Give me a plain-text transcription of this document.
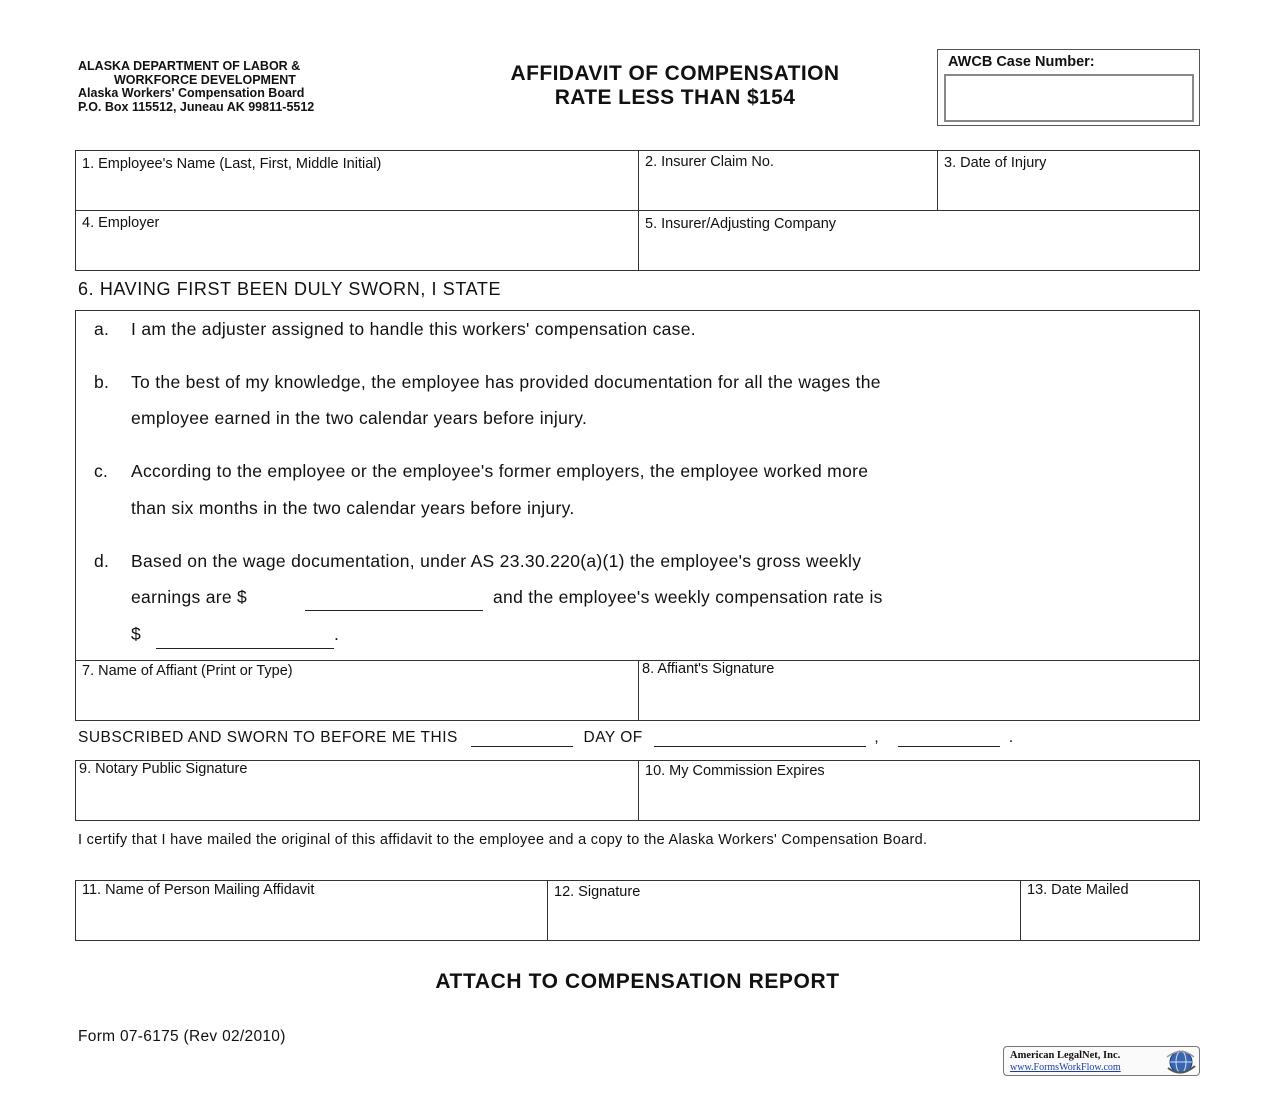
ALASKA DEPARTMENT OF LABOR &
WORKFORCE DEVELOPMENT
Alaska Workers' Compensation Board
P.O. Box 115512, Juneau AK 99811-5512
AFFIDAVIT OF COMPENSATION
RATE LESS THAN $154
AWCB Case Number:
1. Employee's Name (Last, First, Middle Initial)	2. Insurer Claim No.	3. Date of Injury
4. Employer	5. Insurer/Adjusting Company
6. HAVING FIRST BEEN DULY SWORN, I STATE
a. I am the adjuster assigned to handle this workers' compensation case.
b. To the best of my knowledge, the employee has provided documentation for all the wages the
employee earned in the two calendar years before injury.
c. According to the employee or the employee's former employers, the employee worked more
than six months in the two calendar years before injury.
d. Based on the wage documentation, under AS 23.30.220(a)(1) the employee's gross weekly
earnings are $	and the employee's weekly compensation rate is
$	.
7. Name of Affiant (Print or Type)	8. Affiant's Signature
SUBSCRIBED AND SWORN TO BEFORE ME THIS	DAY OF	,	.
9. Notary Public Signature	10. My Commission Expires
I certify that I have mailed the original of this affidavit to the employee and a copy to the Alaska Workers' Compensation Board.
11. Name of Person Mailing Affidavit	12. Signature	13. Date Mailed
ATTACH TO COMPENSATION REPORT
Form 07-6175 (Rev 02/2010)
American LegalNet, Inc.
www.FormsWorkFlow.com
